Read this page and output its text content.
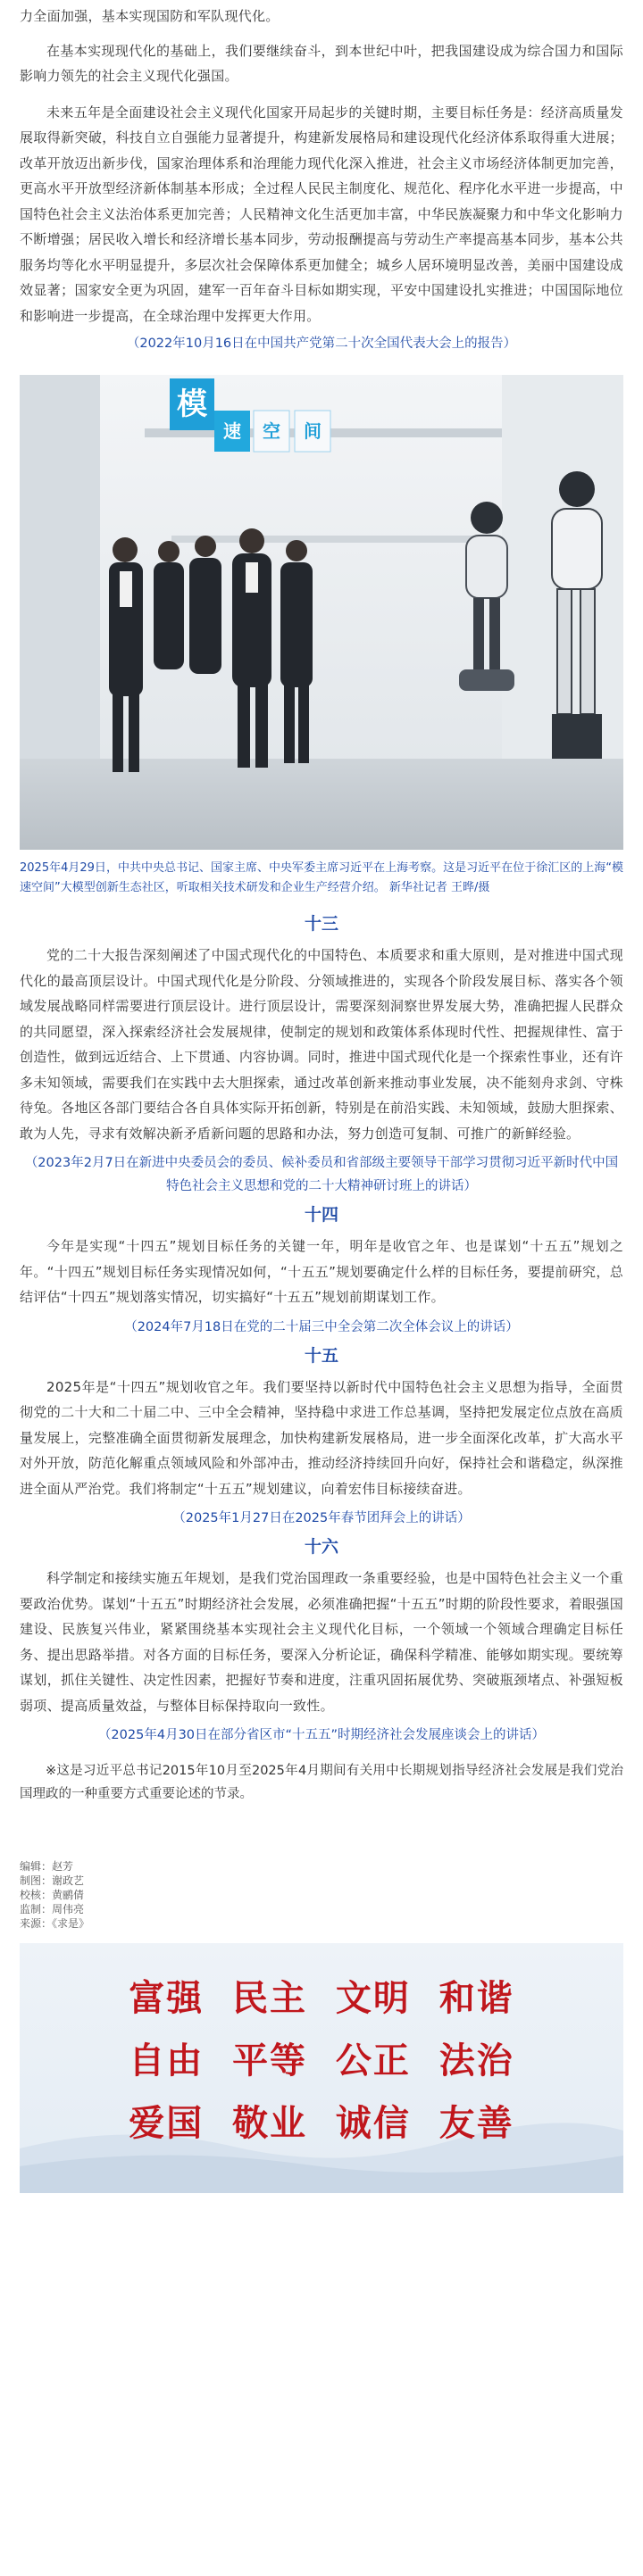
力全面加强，基本实现国防和军队现代化。

在基本实现现代化的基础上，我们要继续奋斗，到本世纪中叶，把我国建设成为综合国力和国际影响力领先的社会主义现代化强国。

未来五年是全面建设社会主义现代化国家开局起步的关键时期，主要目标任务是：经济高质量发展取得新突破，科技自立自强能力显著提升，构建新发展格局和建设现代化经济体系取得重大进展；改革开放迈出新步伐，国家治理体系和治理能力现代化深入推进，社会主义市场经济体制更加完善，更高水平开放型经济新体制基本形成；全过程人民民主制度化、规范化、程序化水平进一步提高，中国特色社会主义法治体系更加完善；人民精神文化生活更加丰富，中华民族凝聚力和中华文化影响力不断增强；居民收入增长和经济增长基本同步，劳动报酬提高与劳动生产率提高基本同步，基本公共服务均等化水平明显提升，多层次社会保障体系更加健全；城乡人居环境明显改善，美丽中国建设成效显著；国家安全更为巩固，建军一百年奋斗目标如期实现，平安中国建设扎实推进；中国国际地位和影响进一步提高，在全球治理中发挥更大作用。

（2022年10月16日在中国共产党第二十次全国代表大会上的报告）

模
速	空	间

2025年4月29日，中共中央总书记、国家主席、中央军委主席习近平在上海考察。这是习近平在位于徐汇区的上海“模速空间”大模型创新生态社区，听取相关技术研发和企业生产经营介绍。 新华社记者 王晔/摄

十三

党的二十大报告深刻阐述了中国式现代化的中国特色、本质要求和重大原则，是对推进中国式现代化的最高顶层设计。中国式现代化是分阶段、分领域推进的，实现各个阶段发展目标、落实各个领域发展战略同样需要进行顶层设计。进行顶层设计，需要深刻洞察世界发展大势，准确把握人民群众的共同愿望，深入探索经济社会发展规律，使制定的规划和政策体系体现时代性、把握规律性、富于创造性，做到远近结合、上下贯通、内容协调。同时，推进中国式现代化是一个探索性事业，还有许多未知领域，需要我们在实践中去大胆探索，通过改革创新来推动事业发展，决不能刻舟求剑、守株待兔。各地区各部门要结合各自具体实际开拓创新，特别是在前沿实践、未知领域，鼓励大胆探索、敢为人先，寻求有效解决新矛盾新问题的思路和办法，努力创造可复制、可推广的新鲜经验。

（2023年2月7日在新进中央委员会的委员、候补委员和省部级主要领导干部学习贯彻习近平新时代中国特色社会主义思想和党的二十大精神研讨班上的讲话）

十四

今年是实现“十四五”规划目标任务的关键一年，明年是收官之年、也是谋划“十五五”规划之年。“十四五”规划目标任务实现情况如何，“十五五”规划要确定什么样的目标任务，要提前研究，总结评估“十四五”规划落实情况，切实搞好“十五五”规划前期谋划工作。

（2024年7月18日在党的二十届三中全会第二次全体会议上的讲话）

十五

2025年是“十四五”规划收官之年。我们要坚持以新时代中国特色社会主义思想为指导，全面贯彻党的二十大和二十届二中、三中全会精神，坚持稳中求进工作总基调，坚持把发展定位点放在高质量发展上，完整准确全面贯彻新发展理念，加快构建新发展格局，进一步全面深化改革，扩大高水平对外开放，防范化解重点领域风险和外部冲击，推动经济持续回升向好，保持社会和谐稳定，纵深推进全面从严治党。我们将制定“十五五”规划建议，向着宏伟目标接续奋进。

（2025年1月27日在2025年春节团拜会上的讲话）

十六

科学制定和接续实施五年规划，是我们党治国理政一条重要经验，也是中国特色社会主义一个重要政治优势。谋划“十五五”时期经济社会发展，必须准确把握“十五五”时期的阶段性要求，着眼强国建设、民族复兴伟业，紧紧围绕基本实现社会主义现代化目标，一个领域一个领域合理确定目标任务、提出思路举措。对各方面的目标任务，要深入分析论证，确保科学精准、能够如期实现。要统筹谋划，抓住关键性、决定性因素，把握好节奏和进度，注重巩固拓展优势、突破瓶颈堵点、补强短板弱项、提高质量效益，与整体目标保持取向一致性。

（2025年4月30日在部分省区市“十五五”时期经济社会发展座谈会上的讲话）

※这是习近平总书记2015年10月至2025年4月期间有关用中长期规划指导经济社会发展是我们党治国理政的一种重要方式重要论述的节录。

编辑：赵芳

制图：谢政艺

校核：黄鹂倩

监制：周伟亮

来源：《求是》

富强 民主 文明 和谐
自由 平等 公正 法治
爱国 敬业 诚信 友善
